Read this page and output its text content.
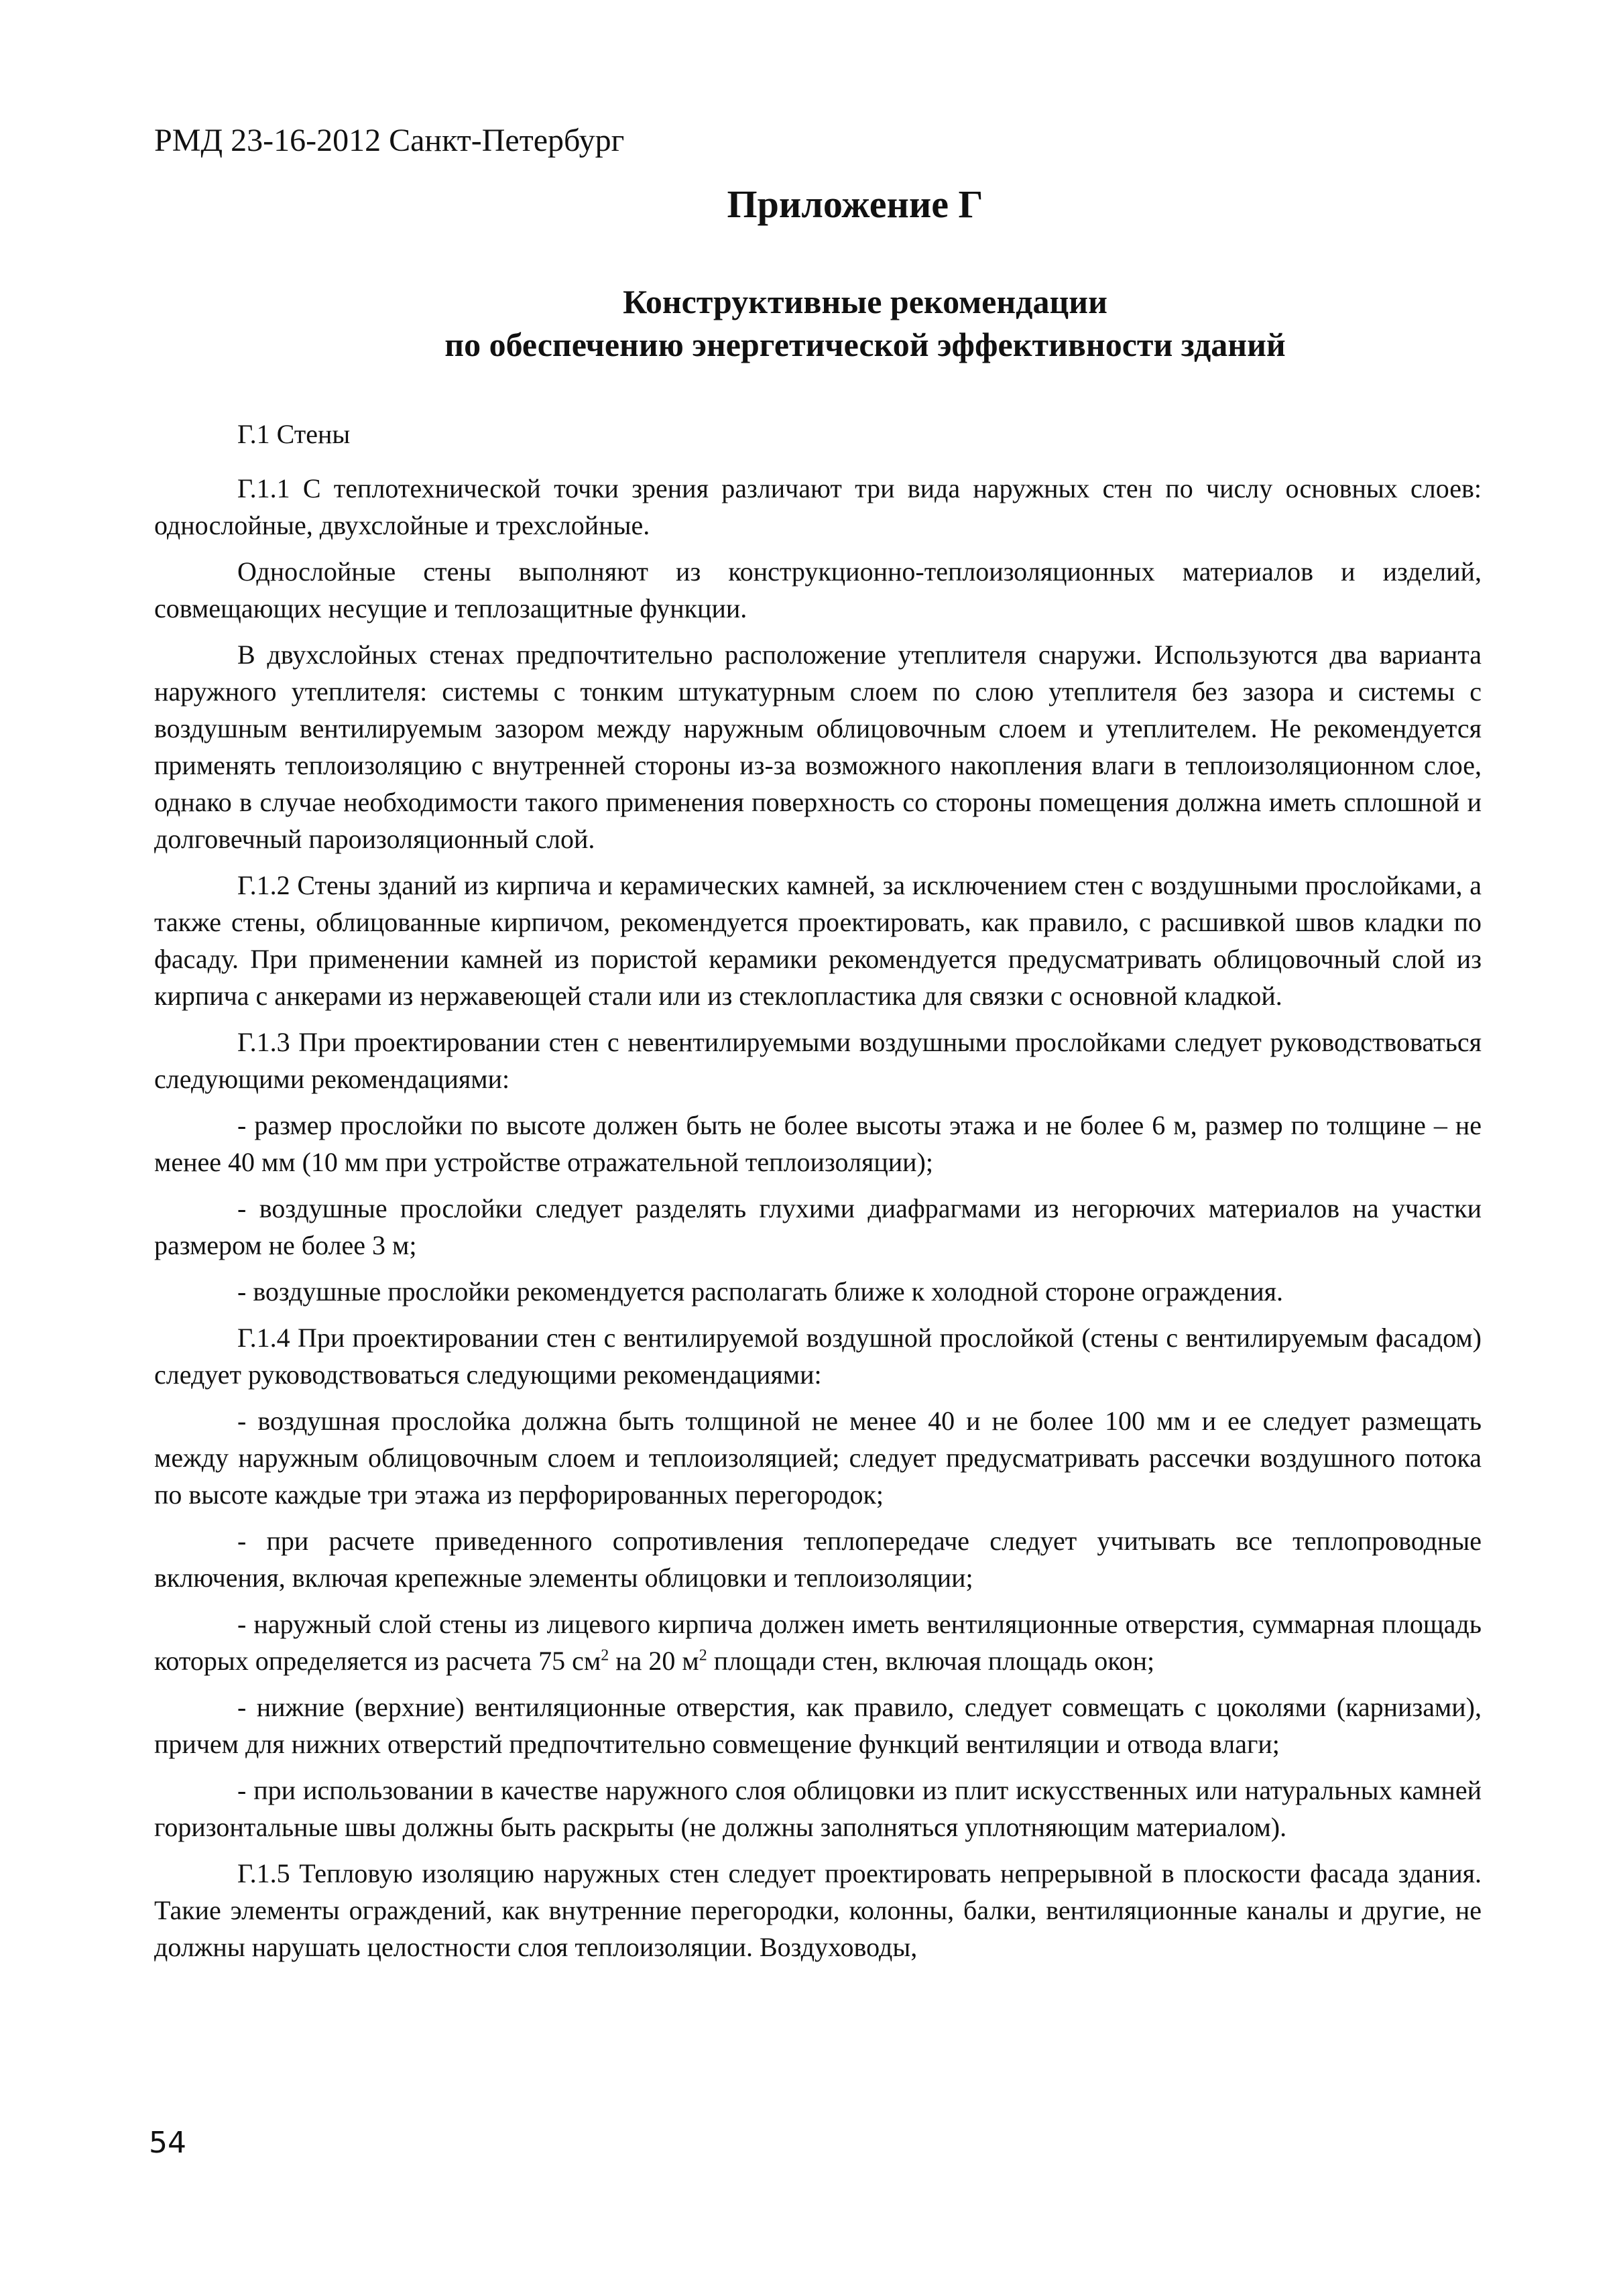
РМД 23-16-2012 Санкт-Петербург
Приложение Г
Конструктивные рекомендации
по обеспечению энергетической эффективности зданий

Г.1 Стены

Г.1.1 С теплотехнической точки зрения различают три вида наружных стен по числу основных слоев: однослойные, двухслойные и трехслойные.

Однослойные стены выполняют из конструкционно-теплоизоляционных материалов и изделий, совмещающих несущие и теплозащитные функции.

В двухслойных стенах предпочтительно расположение утеплителя снаружи. Используются два варианта наружного утеплителя: системы с тонким штукатурным слоем по слою утеплителя без зазора и системы с воздушным вентилируемым зазором между наружным облицовочным слоем и утеплителем. Не рекомендуется применять теплоизоляцию с внутренней стороны из-за возможного накопления влаги в теплоизоляционном слое, однако в случае необходимости такого применения поверхность со стороны помещения должна иметь сплошной и долговечный пароизоляционный слой.

Г.1.2 Стены зданий из кирпича и керамических камней, за исключением стен с воздушными прослойками, а также стены, облицованные кирпичом, рекомендуется проектировать, как правило, с расшивкой швов кладки по фасаду. При применении камней из пористой керамики рекомендуется предусматривать облицовочный слой из кирпича с анкерами из нержавеющей стали или из стеклопластика для связки с основной кладкой.

Г.1.3 При проектировании стен с невентилируемыми воздушными прослойками следует руководствоваться следующими рекомендациями:

- размер прослойки по высоте должен быть не более высоты этажа и не более 6 м, размер по толщине – не менее 40 мм (10 мм при устройстве отражательной теплоизоляции);

- воздушные прослойки следует разделять глухими диафрагмами из негорючих материалов на участки размером не более 3 м;

- воздушные прослойки рекомендуется располагать ближе к холодной стороне ограждения.

Г.1.4 При проектировании стен с вентилируемой воздушной прослойкой (стены с вентилируемым фасадом) следует руководствоваться следующими рекомендациями:

- воздушная прослойка должна быть толщиной не менее 40 и не более 100 мм и ее следует размещать между наружным облицовочным слоем и теплоизоляцией; следует предусматривать рассечки воздушного потока по высоте каждые три этажа из перфорированных перегородок;

- при расчете приведенного сопротивления теплопередаче следует учитывать все теплопроводные включения, включая крепежные элементы облицовки и теплоизоляции;

- наружный слой стены из лицевого кирпича должен иметь вентиляционные отверстия, суммарная площадь которых определяется из расчета 75 $см^2$ на 20 $м^2$ площади стен, включая площадь окон;

- нижние (верхние) вентиляционные отверстия, как правило, следует совмещать с цоколями (карнизами), причем для нижних отверстий предпочтительно совмещение функций вентиляции и отвода влаги;

- при использовании в качестве наружного слоя облицовки из плит искусственных или натуральных камней горизонтальные швы должны быть раскрыты (не должны заполняться уплотняющим материалом).

Г.1.5 Тепловую изоляцию наружных стен следует проектировать непрерывной в плоскости фасада здания. Такие элементы ограждений, как внутренние перегородки, колонны, балки, вентиляционные каналы и другие, не должны нарушать целостности слоя теплоизоляции. Воздуховоды,

54
